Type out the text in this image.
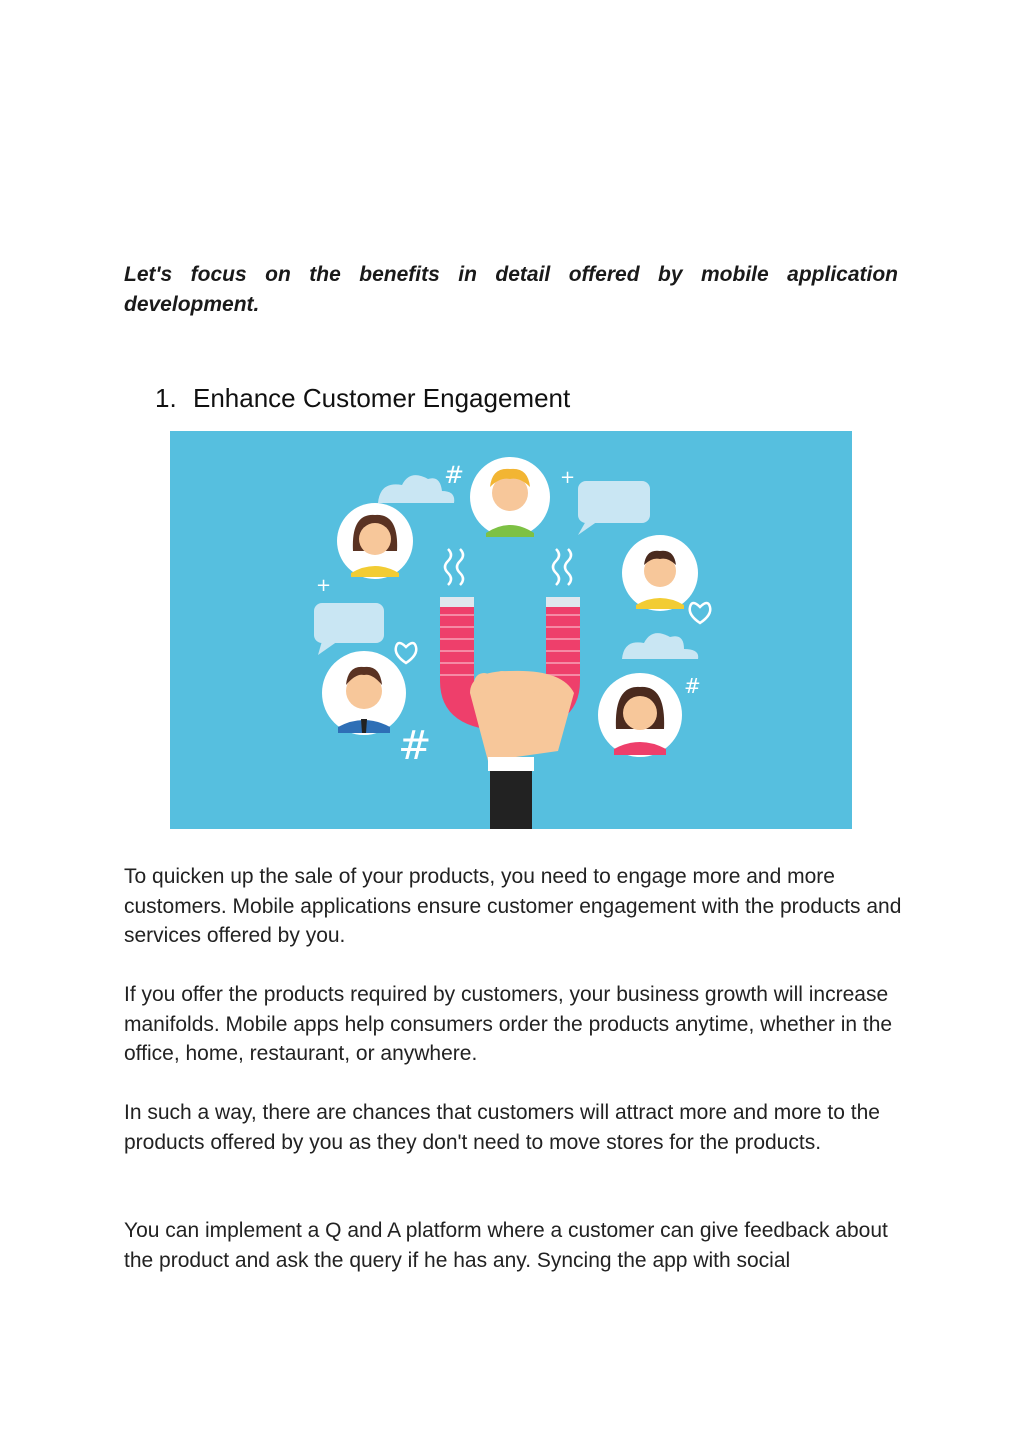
Let's focus on the benefits in detail offered by mobile application development.

1. Enhance Customer Engagement
#	+
#
+
#

To quicken up the sale of your products, you need to engage more and more customers. Mobile applications ensure customer engagement with the products and services offered by you.

If you offer the products required by customers, your business growth will increase manifolds. Mobile apps help consumers order the products anytime, whether in the office, home, restaurant, or anywhere.

In such a way, there are chances that customers will attract more and more to the products offered by you as they don't need to move stores for the products.

You can implement a Q and A platform where a customer can give feedback about the product and ask the query if he has any. Syncing the app with social
